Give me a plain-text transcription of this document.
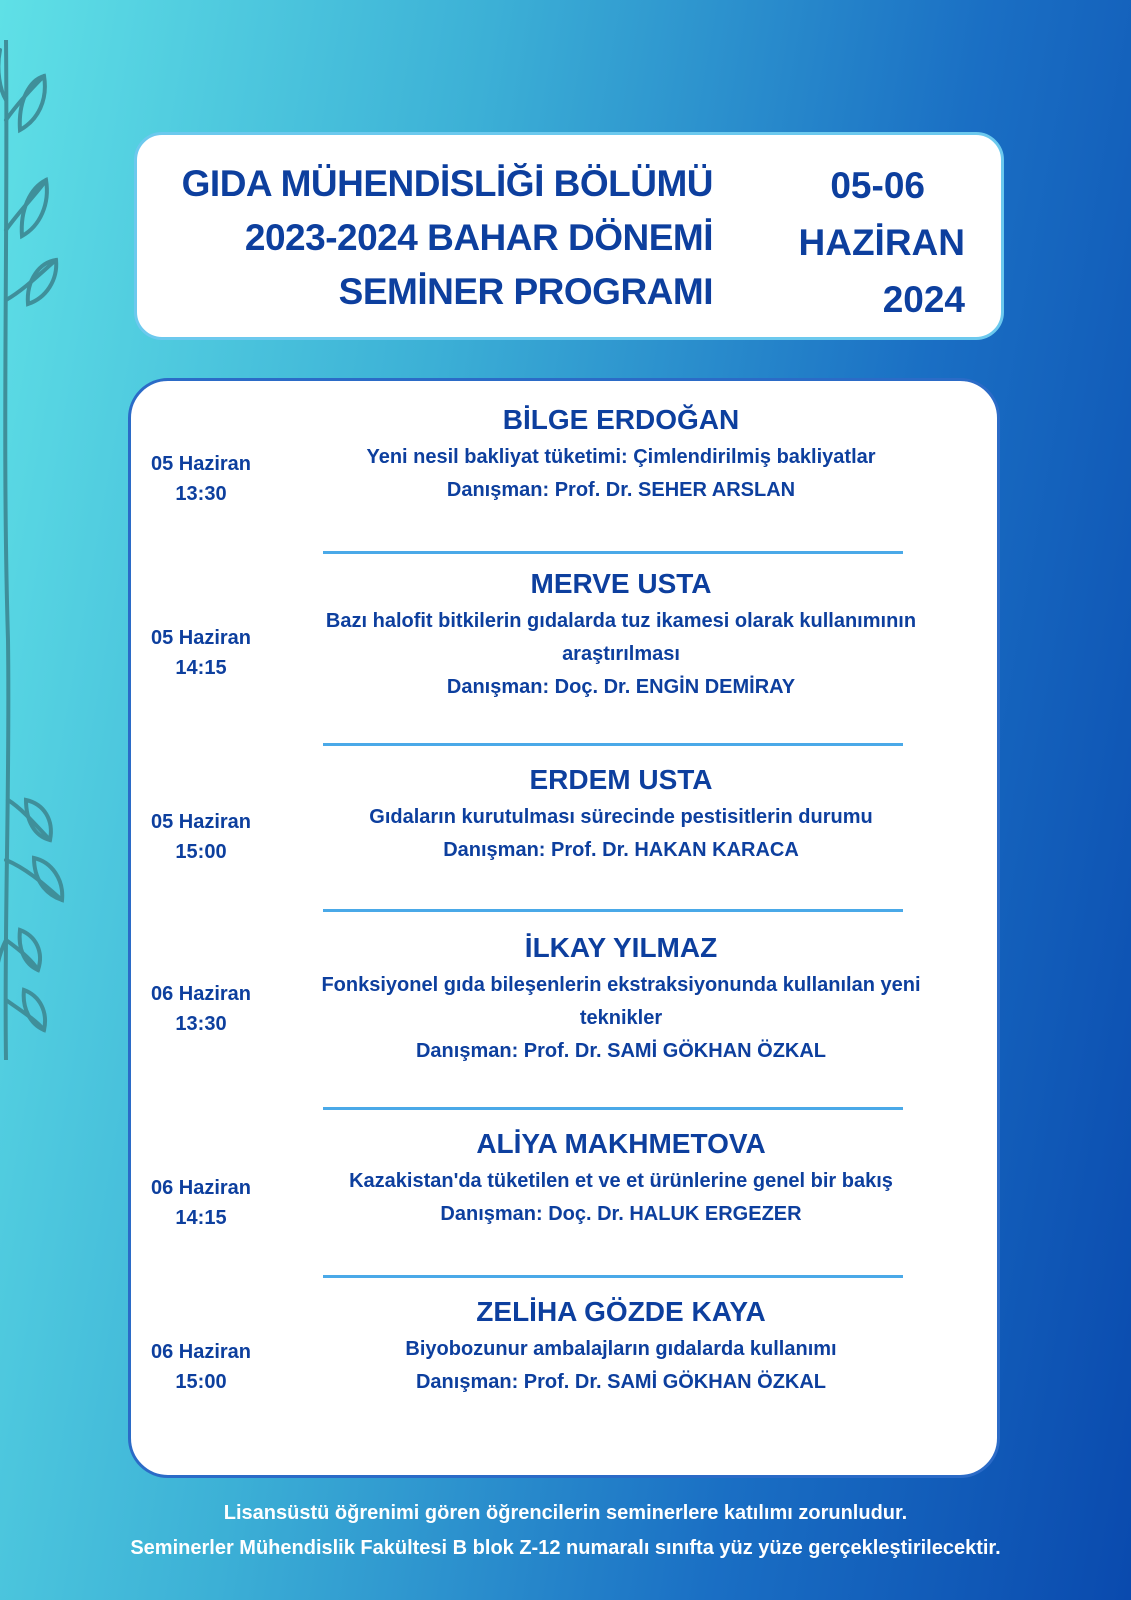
GIDA MÜHENDİSLİĞİ BÖLÜMÜ
2023-2024 BAHAR DÖNEMİ
SEMİNER PROGRAMI
05-06
HAZİRAN
2024
05 Haziran
13:30
BİLGE ERDOĞAN
Yeni nesil bakliyat tüketimi: Çimlendirilmiş bakliyatlar
Danışman: Prof. Dr. SEHER ARSLAN
05 Haziran
14:15
MERVE USTA
Bazı halofit bitkilerin gıdalarda tuz ikamesi olarak kullanımının
araştırılması
Danışman: Doç. Dr. ENGİN DEMİRAY
05 Haziran
15:00
ERDEM USTA
Gıdaların kurutulması sürecinde pestisitlerin durumu
Danışman: Prof. Dr. HAKAN KARACA
06 Haziran
13:30
İLKAY YILMAZ
Fonksiyonel gıda bileşenlerin ekstraksiyonunda kullanılan yeni
teknikler
Danışman: Prof. Dr. SAMİ GÖKHAN ÖZKAL
06 Haziran
14:15
ALİYA MAKHMETOVA
Kazakistan'da tüketilen et ve et ürünlerine genel bir bakış
Danışman: Doç. Dr. HALUK ERGEZER
06 Haziran
15:00
ZELİHA GÖZDE KAYA
Biyobozunur ambalajların gıdalarda kullanımı
Danışman: Prof. Dr. SAMİ GÖKHAN ÖZKAL
Lisansüstü öğrenimi gören öğrencilerin seminerlere katılımı zorunludur.
Seminerler Mühendislik Fakültesi B blok Z-12 numaralı sınıfta yüz yüze gerçekleştirilecektir.
